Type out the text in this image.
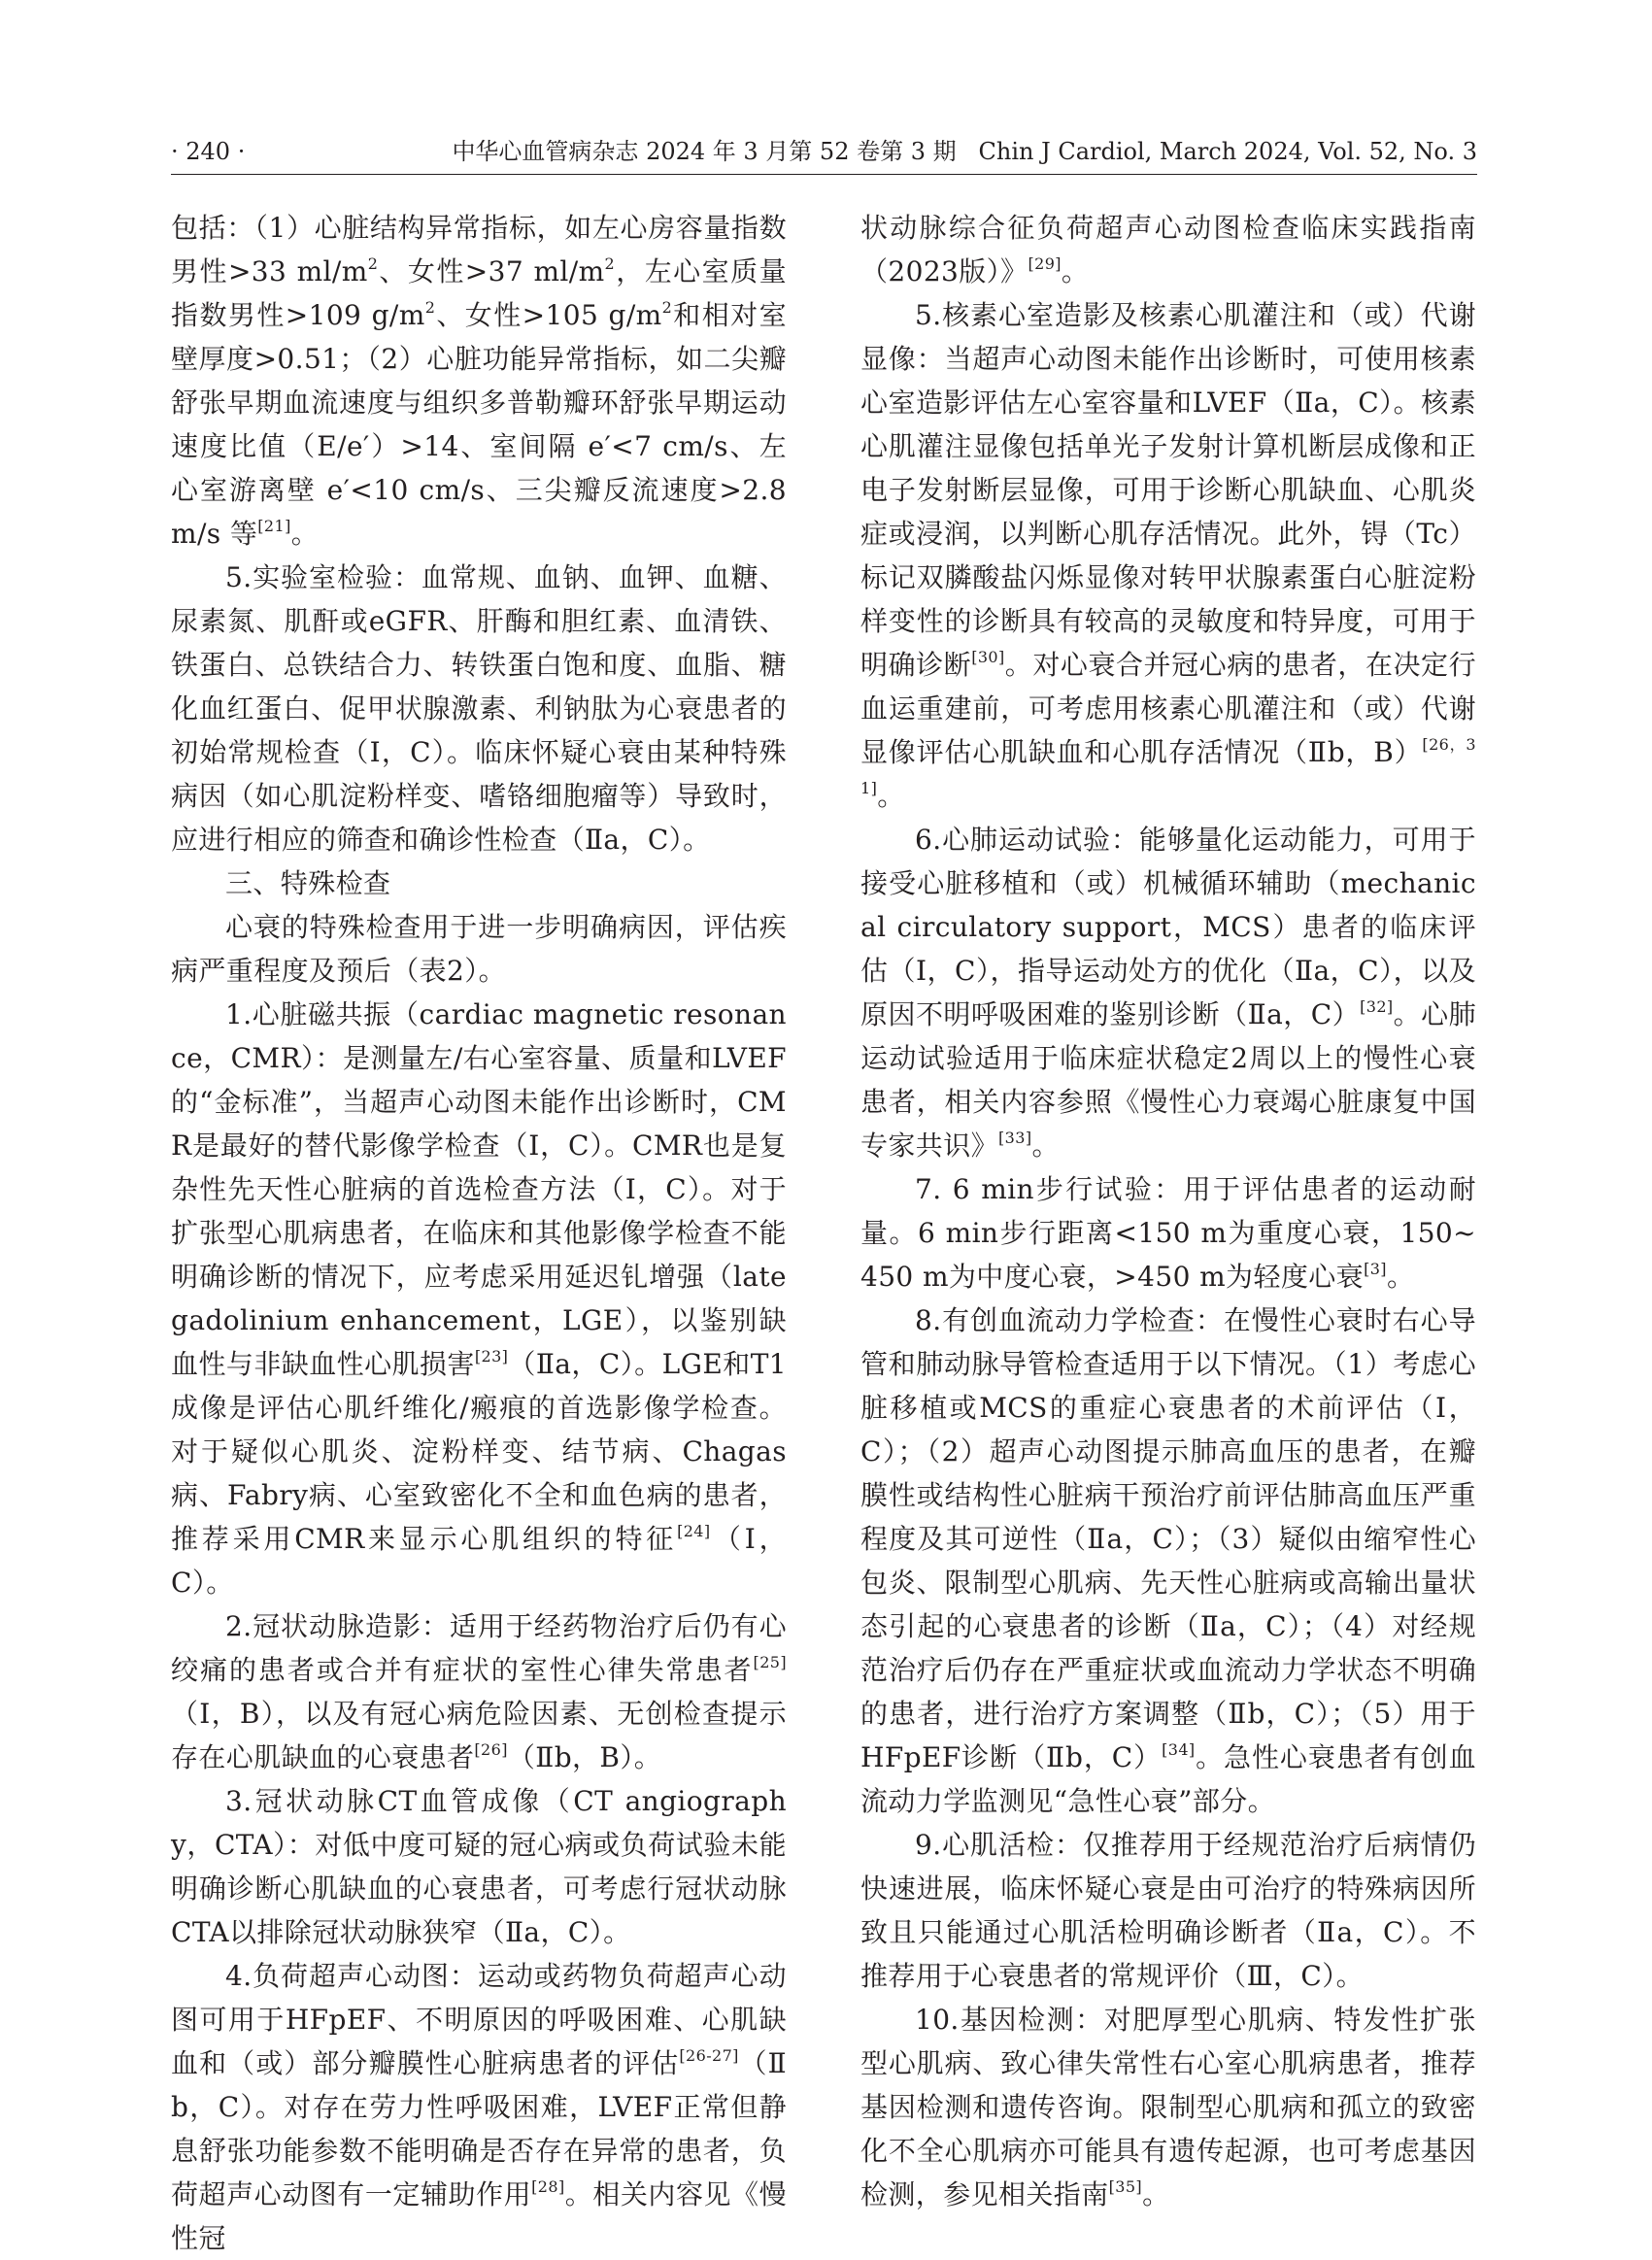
· 240 ·	中华心血管病杂志 2024 年 3 月第 52 卷第 3 期   Chin J Cardiol, March 2024, Vol. 52, No. 3

包括：（1）心脏结构异常指标，如左心房容量指数男性>33 $ml/m^2$、女性>37 $ml/m^2$，左心室质量指数男性>109 $g/m^2$、女性>105 $g/m^2$和相对室壁厚度>0.51；（2）心脏功能异常指标，如二尖瓣舒张早期血流速度与组织多普勒瓣环舒张早期运动速度比值（E/e′）>14、室间隔 e′<7 cm/s、左心室游离壁 e′<10 cm/s、三尖瓣反流速度>2.8 m/s 等[21]。

5.实验室检验：血常规、血钠、血钾、血糖、尿素氮、肌酐或eGFR、肝酶和胆红素、血清铁、铁蛋白、总铁结合力、转铁蛋白饱和度、血脂、糖化血红蛋白、促甲状腺激素、利钠肽为心衰患者的初始常规检查（Ⅰ，C）。临床怀疑心衰由某种特殊病因（如心肌淀粉样变、嗜铬细胞瘤等）导致时，应进行相应的筛查和确诊性检查（Ⅱa，C）。

三、特殊检查

心衰的特殊检查用于进一步明确病因，评估疾病严重程度及预后（表2）。

1.心脏磁共振（cardiac magnetic resonance，CMR）：是测量左/右心室容量、质量和LVEF的“金标准”，当超声心动图未能作出诊断时，CMR是最好的替代影像学检查（Ⅰ，C）。CMR也是复杂性先天性心脏病的首选检查方法（Ⅰ，C）。对于扩张型心肌病患者，在临床和其他影像学检查不能明确诊断的情况下，应考虑采用延迟钆增强（late gadolinium enhancement，LGE），以鉴别缺血性与非缺血性心肌损害[23]（Ⅱa，C）。LGE和T1成像是评估心肌纤维化/瘢痕的首选影像学检查。对于疑似心肌炎、淀粉样变、结节病、Chagas病、Fabry病、心室致密化不全和血色病的患者，推荐采用CMR来显示心肌组织的特征[24]（Ⅰ，C）。

2.冠状动脉造影：适用于经药物治疗后仍有心绞痛的患者或合并有症状的室性心律失常患者[25]（Ⅰ，B），以及有冠心病危险因素、无创检查提示存在心肌缺血的心衰患者[26]（Ⅱb，B）。

3.冠状动脉CT血管成像（CT angiography，CTA）：对低中度可疑的冠心病或负荷试验未能明确诊断心肌缺血的心衰患者，可考虑行冠状动脉CTA以排除冠状动脉狭窄（Ⅱa，C）。

4.负荷超声心动图：运动或药物负荷超声心动图可用于HFpEF、不明原因的呼吸困难、心肌缺血和（或）部分瓣膜性心脏病患者的评估[26-27]（Ⅱb，C）。对存在劳力性呼吸困难，LVEF正常但静息舒张功能参数不能明确是否存在异常的患者，负荷超声心动图有一定辅助作用[28]。相关内容见《慢性冠

状动脉综合征负荷超声心动图检查临床实践指南（2023版）》[29]。

5.核素心室造影及核素心肌灌注和（或）代谢显像：当超声心动图未能作出诊断时，可使用核素心室造影评估左心室容量和LVEF（Ⅱa，C）。核素心肌灌注显像包括单光子发射计算机断层成像和正电子发射断层显像，可用于诊断心肌缺血、心肌炎症或浸润，以判断心肌存活情况。此外，锝（Tc）标记双膦酸盐闪烁显像对转甲状腺素蛋白心脏淀粉样变性的诊断具有较高的灵敏度和特异度，可用于明确诊断[30]。对心衰合并冠心病的患者，在决定行血运重建前，可考虑用核素心肌灌注和（或）代谢显像评估心肌缺血和心肌存活情况（Ⅱb，B）[26，31]。

6.心肺运动试验：能够量化运动能力，可用于接受心脏移植和（或）机械循环辅助（mechanical circulatory support，MCS）患者的临床评估（Ⅰ，C），指导运动处方的优化（Ⅱa，C），以及原因不明呼吸困难的鉴别诊断（Ⅱa，C）[32]。心肺运动试验适用于临床症状稳定2周以上的慢性心衰患者，相关内容参照《慢性心力衰竭心脏康复中国专家共识》[33]。

7. 6 min步行试验：用于评估患者的运动耐量。6 min步行距离<150 m为重度心衰，150~450 m为中度心衰，>450 m为轻度心衰[3]。

8.有创血流动力学检查：在慢性心衰时右心导管和肺动脉导管检查适用于以下情况。（1）考虑心脏移植或MCS的重症心衰患者的术前评估（Ⅰ，C）；（2）超声心动图提示肺高血压的患者，在瓣膜性或结构性心脏病干预治疗前评估肺高血压严重程度及其可逆性（Ⅱa，C）；（3）疑似由缩窄性心包炎、限制型心肌病、先天性心脏病或高输出量状态引起的心衰患者的诊断（Ⅱa，C）；（4）对经规范治疗后仍存在严重症状或血流动力学状态不明确的患者，进行治疗方案调整（Ⅱb，C）；（5）用于HFpEF诊断（Ⅱb，C）[34]。急性心衰患者有创血流动力学监测见“急性心衰”部分。

9.心肌活检：仅推荐用于经规范治疗后病情仍快速进展，临床怀疑心衰是由可治疗的特殊病因所致且只能通过心肌活检明确诊断者（Ⅱa，C）。不推荐用于心衰患者的常规评价（Ⅲ，C）。

10.基因检测：对肥厚型心肌病、特发性扩张型心肌病、致心律失常性右心室心肌病患者，推荐基因检测和遗传咨询。限制型心肌病和孤立的致密化不全心肌病亦可能具有遗传起源，也可考虑基因检测，参见相关指南[35]。
